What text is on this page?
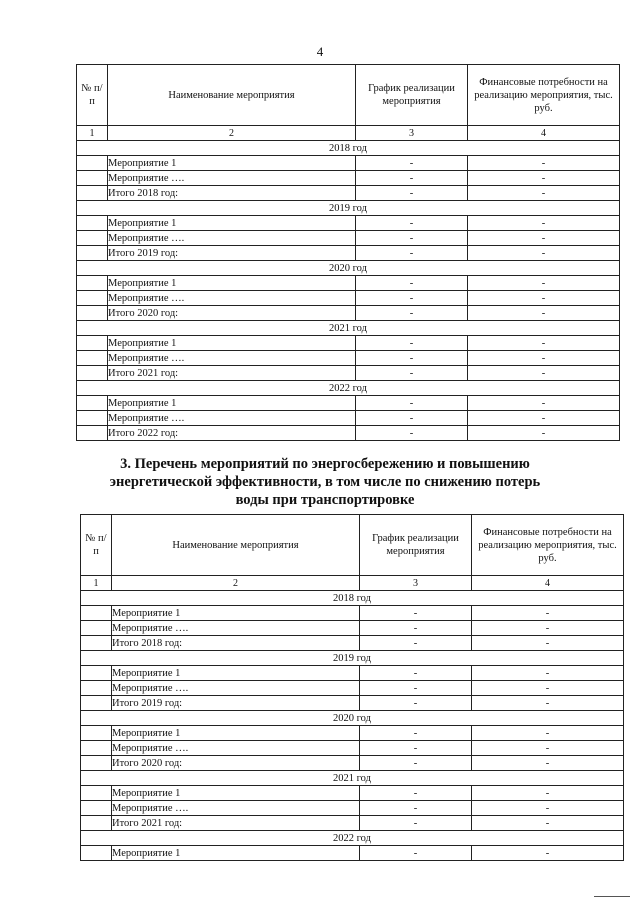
4
№ п/п	Наименование мероприятия	График реализации мероприятия	Финансовые потребности на реализацию мероприятия, тыс. руб.
1	2	3	4
2018 год			
	Мероприятие 1	-	-
	Мероприятие ….	-	-
	Итого 2018 год:	-	-
2019 год			
	Мероприятие 1	-	-
	Мероприятие ….	-	-
	Итого 2019 год:	-	-
2020 год			
	Мероприятие 1	-	-
	Мероприятие ….	-	-
	Итого 2020 год:	-	-
2021 год			
	Мероприятие 1	-	-
	Мероприятие ….	-	-
	Итого 2021 год:	-	-
2022 год			
	Мероприятие 1	-	-
	Мероприятие ….	-	-
	Итого 2022 год:	-	-
3. Перечень мероприятий по энергосбережению и повышению энергетической эффективности, в том числе по снижению потерь воды при транспортировке
№ п/п	Наименование мероприятия	График реализации мероприятия	Финансовые потребности на реализацию мероприятия, тыс. руб.
1	2	3	4
2018 год			
	Мероприятие 1	-	-
	Мероприятие ….	-	-
	Итого 2018 год:	-	-
2019 год			
	Мероприятие 1	-	-
	Мероприятие ….	-	-
	Итого 2019 год:	-	-
2020 год			
	Мероприятие 1	-	-
	Мероприятие ….	-	-
	Итого 2020 год:	-	-
2021 год			
	Мероприятие 1	-	-
	Мероприятие ….	-	-
	Итого 2021 год:	-	-
2022 год			
	Мероприятие 1	-	-
